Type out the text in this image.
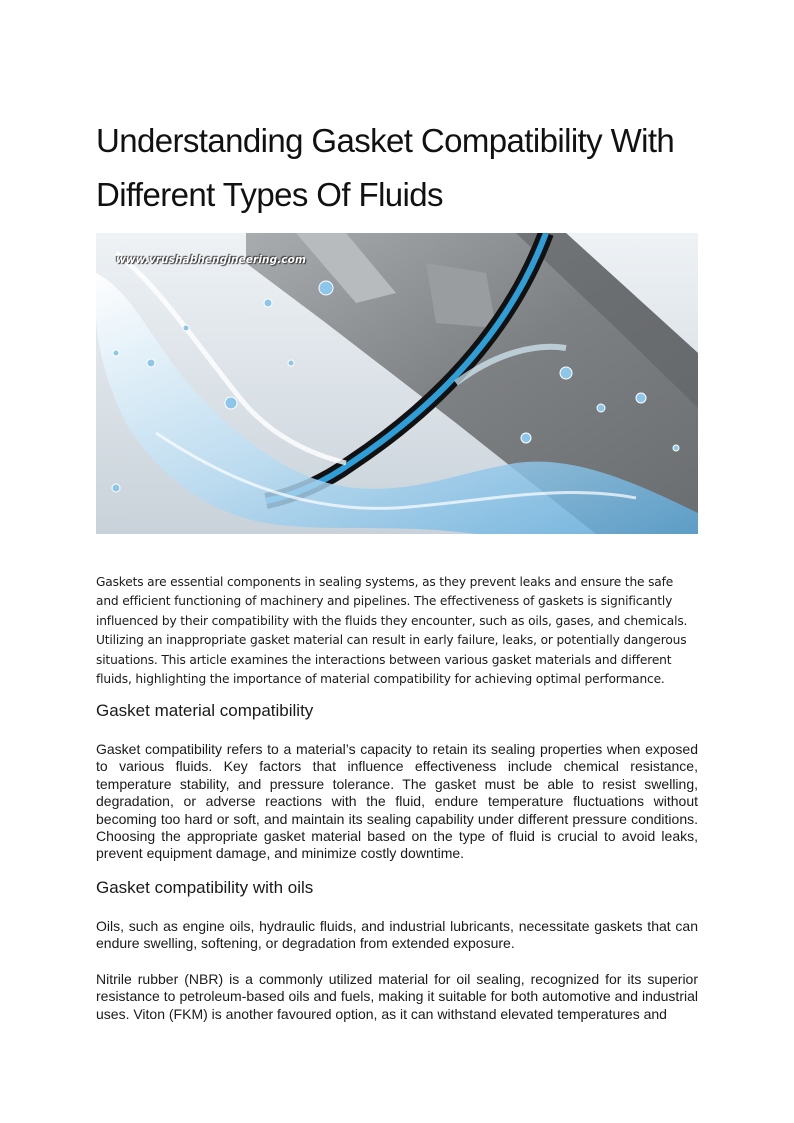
Understanding Gasket Compatibility With Different Types Of Fluids
www.vrushabhengineering.com

Gaskets are essential components in sealing systems, as they prevent leaks and ensure the safe and efficient functioning of machinery and pipelines. The effectiveness of gaskets is significantly influenced by their compatibility with the fluids they encounter, such as oils, gases, and chemicals. Utilizing an inappropriate gasket material can result in early failure, leaks, or potentially dangerous situations. This article examines the interactions between various gasket materials and different fluids, highlighting the importance of material compatibility for achieving optimal performance.

Gasket material compatibility

Gasket compatibility refers to a material’s capacity to retain its sealing properties when exposed to various fluids. Key factors that influence effectiveness include chemical resistance, temperature stability, and pressure tolerance. The gasket must be able to resist swelling, degradation, or adverse reactions with the fluid, endure temperature fluctuations without becoming too hard or soft, and maintain its sealing capability under different pressure conditions. Choosing the appropriate gasket material based on the type of fluid is crucial to avoid leaks, prevent equipment damage, and minimize costly downtime.

Gasket compatibility with oils

Oils, such as engine oils, hydraulic fluids, and industrial lubricants, necessitate gaskets that can endure swelling, softening, or degradation from extended exposure.

Nitrile rubber (NBR) is a commonly utilized material for oil sealing, recognized for its superior resistance to petroleum-based oils and fuels, making it suitable for both automotive and industrial uses. Viton (FKM) is another favoured option, as it can withstand elevated temperatures and
